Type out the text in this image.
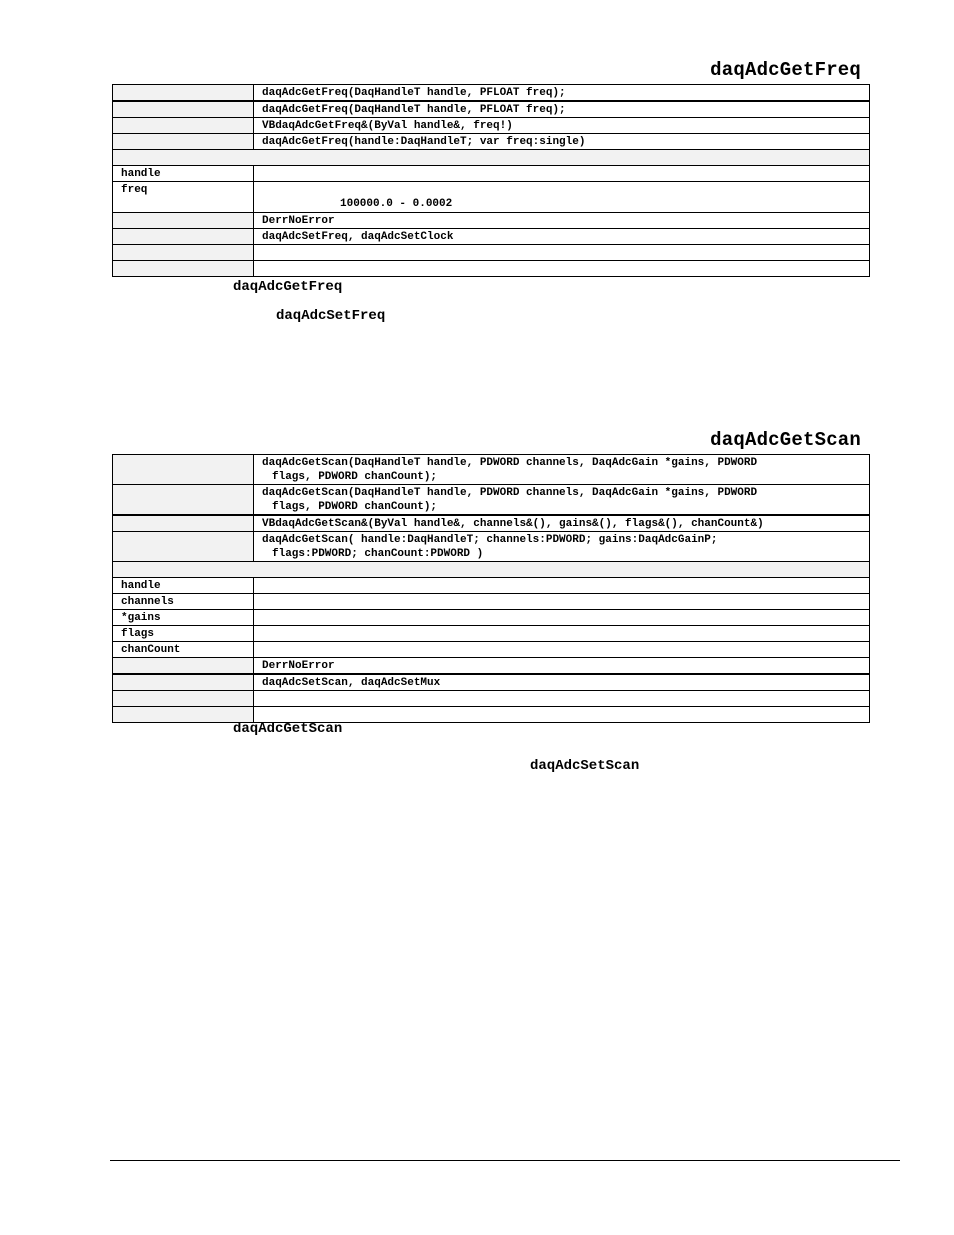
daqAdcGetFreq
	daqAdcGetFreq(DaqHandleT handle, PFLOAT freq);
	daqAdcGetFreq(DaqHandleT handle, PFLOAT freq);
	VBdaqAdcGetFreq&(ByVal handle&, freq!)
	daqAdcGetFreq(handle:DaqHandleT; var freq:single)

handle	
freq	100000.0 - 0.0002

	DerrNoError
	daqAdcSetFreq, daqAdcSetClock

daqAdcGetFreq
daqAdcSetFreq
daqAdcGetScan

	daqAdcGetScan(DaqHandleT handle, PDWORD channels, DaqAdcGain *gains, PDWORD
flags, PDWORD chanCount);

	daqAdcGetScan(DaqHandleT handle, PDWORD channels, DaqAdcGain *gains, PDWORD
flags, PDWORD chanCount);

	VBdaqAdcGetScan&(ByVal handle&, channels&(), gains&(), flags&(), chanCount&)

	daqAdcGetScan( handle:DaqHandleT; channels:PDWORD; gains:DaqAdcGainP;
flags:PDWORD; chanCount:PDWORD )

handle	
channels	
*gains	
flags	
chanCount	
	DerrNoError
	daqAdcSetScan, daqAdcSetMux

daqAdcGetScan
daqAdcSetScan
